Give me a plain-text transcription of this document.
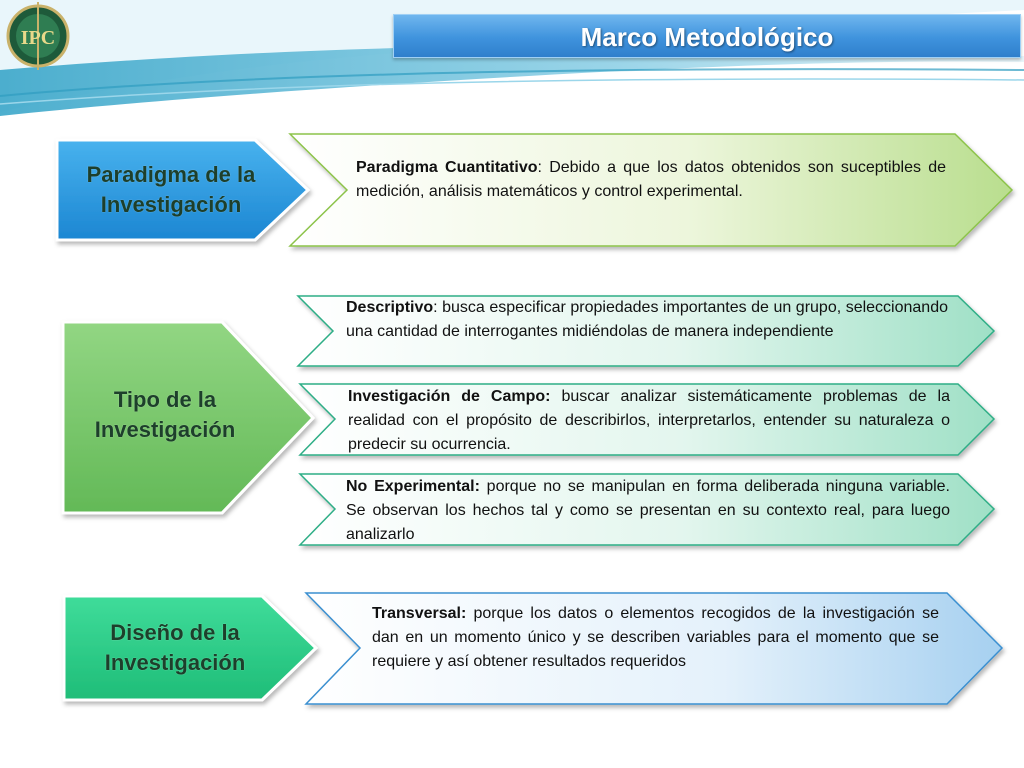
IPC	Marco Metodológico
Paradigma de la Investigación
Tipo de la Investigación
Diseño de la Investigación
Paradigma Cuantitativo: Debido a que los datos obtenidos son suceptibles de medición, análisis matemáticos y control experimental.
Descriptivo: busca especificar propiedades importantes de un grupo, seleccionando una cantidad de interrogantes midiéndolas de manera independiente
Investigación de Campo: buscar analizar sistemáticamente problemas de la realidad con el propósito de describirlos, interpretarlos, entender su naturaleza o predecir su ocurrencia.
No Experimental: porque no se manipulan en forma deliberada ninguna variable. Se observan los hechos tal y como se presentan en su contexto real, para luego analizarlo
Transversal: porque los datos o elementos recogidos de la investigación se dan en un momento único y se describen variables para el momento que se requiere y así obtener resultados requeridos
